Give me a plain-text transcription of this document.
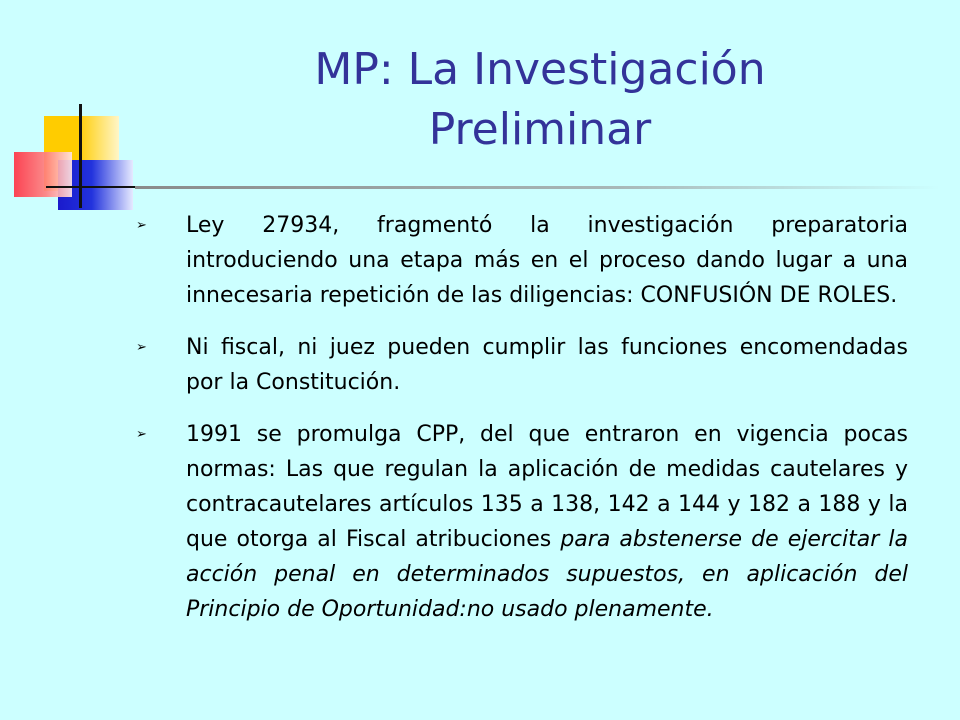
MP: La Investigación
Preliminar
➢ Ley 27934, fragmentó la investigación preparatoria introduciendo una etapa más en el proceso dando lugar a una innecesaria repetición de las diligencias: CONFUSIÓN DE ROLES.
➢ Ni fiscal, ni juez pueden cumplir las funciones encomendadas por la Constitución.
➢ 1991 se promulga CPP, del que entraron en vigencia pocas normas: Las que regulan la aplicación de medidas cautelares y contracautelares artículos 135 a 138, 142 a 144 y 182 a 188 y la que otorga al Fiscal atribuciones para abstenerse de ejercitar la acción penal en determinados supuestos, en aplicación del Principio de Oportunidad:no usado plenamente.
